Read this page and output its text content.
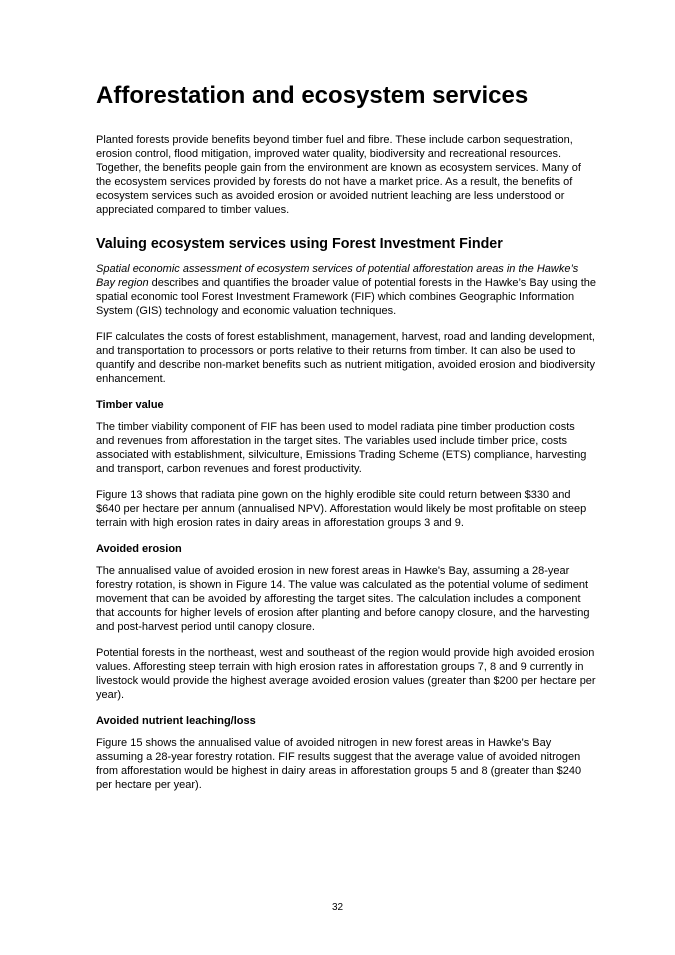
Afforestation and ecosystem services

Planted forests provide benefits beyond timber fuel and fibre. These include carbon sequestration, erosion control, flood mitigation, improved water quality, biodiversity and recreational resources. Together, the benefits people gain from the environment are known as ecosystem services. Many of the ecosystem services provided by forests do not have a market price. As a result, the benefits of ecosystem services such as avoided erosion or avoided nutrient leaching are less understood or appreciated compared to timber values.

Valuing ecosystem services using Forest Investment Finder

Spatial economic assessment of ecosystem services of potential afforestation areas in the Hawke’s Bay region describes and quantifies the broader value of potential forests in the Hawke’s Bay using the spatial economic tool Forest Investment Framework (FIF) which combines Geographic Information System (GIS) technology and economic valuation techniques.

FIF calculates the costs of forest establishment, management, harvest, road and landing development, and transportation to processors or ports relative to their returns from timber. It can also be used to quantify and describe non-market benefits such as nutrient mitigation, avoided erosion and biodiversity enhancement.

Timber value

The timber viability component of FIF has been used to model radiata pine timber production costs and revenues from afforestation in the target sites. The variables used include timber price, costs associated with establishment, silviculture, Emissions Trading Scheme (ETS) compliance, harvesting and transport, carbon revenues and forest productivity.

Figure 13 shows that radiata pine gown on the highly erodible site could return between $330 and $640 per hectare per annum (annualised NPV). Afforestation would likely be most profitable on steep terrain with high erosion rates in dairy areas in afforestation groups 3 and 9.

Avoided erosion

The annualised value of avoided erosion in new forest areas in Hawke's Bay, assuming a 28-year forestry rotation, is shown in Figure 14. The value was calculated as the potential volume of sediment movement that can be avoided by afforesting the target sites. The calculation includes a component that accounts for higher levels of erosion after planting and before canopy closure, and the harvesting and post-harvest period until canopy closure.

Potential forests in the northeast, west and southeast of the region would provide high avoided erosion values. Afforesting steep terrain with high erosion rates in afforestation groups 7, 8 and 9 currently in livestock would provide the highest average avoided erosion values (greater than $200 per hectare per year).

Avoided nutrient leaching/loss

Figure 15 shows the annualised value of avoided nitrogen in new forest areas in Hawke's Bay assuming a 28-year forestry rotation. FIF results suggest that the average value of avoided nitrogen from afforestation would be highest in dairy areas in afforestation groups 5 and 8 (greater than $240 per hectare per year).

32
